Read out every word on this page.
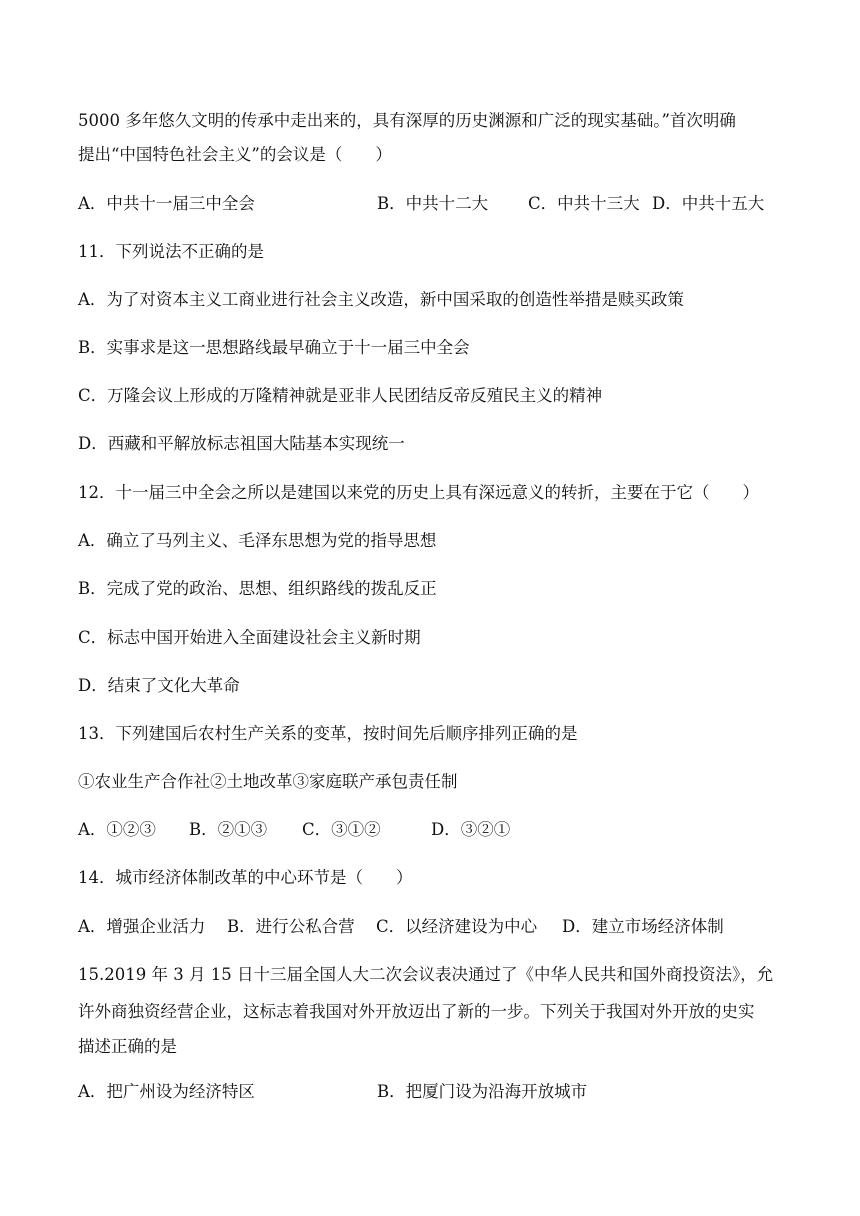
5000 多年悠久文明的传承中走出来的，具有深厚的历史渊源和广泛的现实基础。”首次明确
提出“中国特色社会主义”的会议是（　　）
A．中共十一届三中全会	B．中共十二大 C．中共十三大 D．中共十五大
11．下列说法不正确的是
A．为了对资本主义工商业进行社会主义改造，新中国采取的创造性举措是赎买政策
B．实事求是这一思想路线最早确立于十一届三中全会
C．万隆会议上形成的万隆精神就是亚非人民团结反帝反殖民主义的精神
D．西藏和平解放标志祖国大陆基本实现统一
12．十一届三中全会之所以是建国以来党的历史上具有深远意义的转折，主要在于它（　　）
A．确立了马列主义、毛泽东思想为党的指导思想
B．完成了党的政治、思想、组织路线的拨乱反正
C．标志中国开始进入全面建设社会主义新时期
D．结束了文化大革命
13．下列建国后农村生产关系的变革，按时间先后顺序排列正确的是
①农业生产合作社②土地改革③家庭联产承包责任制
A．①②③ B．②①③ C．③①②	D．③②①
14．城市经济体制改革的中心环节是（　　）
A．增强企业活力 B．进行公私合营 C．以经济建设为中心 D．建立市场经济体制
15.2019 年 3 月 15 日十三届全国人大二次会议表决通过了《中华人民共和国外商投资法》，允
许外商独资经营企业，这标志着我国对外开放迈出了新的一步。下列关于我国对外开放的史实
描述正确的是
A．把广州设为经济特区	B．把厦门设为沿海开放城市
